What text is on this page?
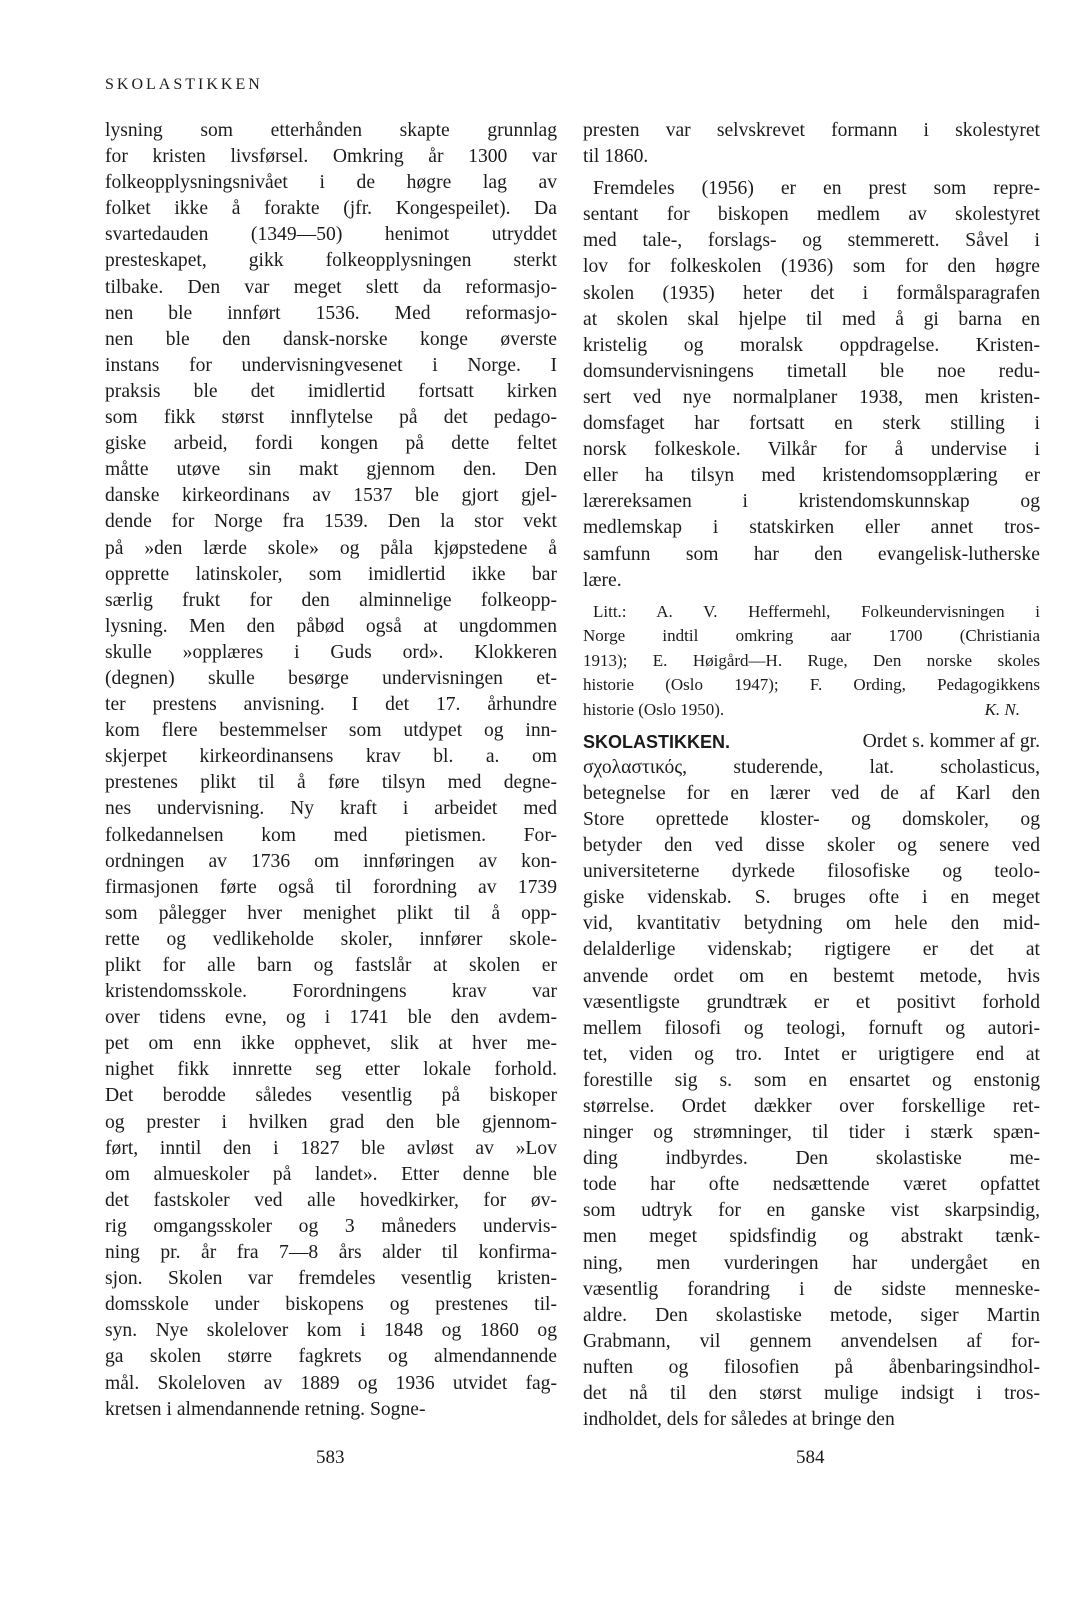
SKOLASTIKKEN
lysning som etterhånden skapte grunnlag
for kristen livsførsel. Omkring år 1300 var
folkeopplysningsnivået i de høgre lag av
folket ikke å forakte (jfr. Kongespeilet). Da
svartedauden (1349—50) henimot utryddet
presteskapet, gikk folkeopplysningen sterkt
tilbake. Den var meget slett da reformasjo-
nen ble innført 1536. Med reformasjo-
nen ble den dansk-norske konge øverste
instans for undervisningvesenet i Norge. I
praksis ble det imidlertid fortsatt kirken
som fikk størst innflytelse på det pedago-
giske arbeid, fordi kongen på dette feltet
måtte utøve sin makt gjennom den. Den
danske kirkeordinans av 1537 ble gjort gjel-
dende for Norge fra 1539. Den la stor vekt
på »den lærde skole» og påla kjøpstedene å
opprette latinskoler, som imidlertid ikke bar
særlig frukt for den alminnelige folkeopp-
lysning. Men den påbød også at ungdommen
skulle »opplæres i Guds ord». Klokkeren
(degnen) skulle besørge undervisningen et-
ter prestens anvisning. I det 17. århundre
kom flere bestemmelser som utdypet og inn-
skjerpet kirkeordinansens krav bl. a. om
prestenes plikt til å føre tilsyn med degne-
nes undervisning. Ny kraft i arbeidet med
folkedannelsen kom med pietismen. For-
ordningen av 1736 om innføringen av kon-
firmasjonen førte også til forordning av 1739
som pålegger hver menighet plikt til å opp-
rette og vedlikeholde skoler, innfører skole-
plikt for alle barn og fastslår at skolen er
kristendomsskole. Forordningens krav var
over tidens evne, og i 1741 ble den avdem-
pet om enn ikke opphevet, slik at hver me-
nighet fikk innrette seg etter lokale forhold.
Det berodde således vesentlig på biskoper
og prester i hvilken grad den ble gjennom-
ført, inntil den i 1827 ble avløst av »Lov
om almueskoler på landet». Etter denne ble
det fastskoler ved alle hovedkirker, for øv-
rig omgangsskoler og 3 måneders undervis-
ning pr. år fra 7—8 års alder til konfirma-
sjon. Skolen var fremdeles vesentlig kristen-
domsskole under biskopens og prestenes til-
syn. Nye skolelover kom i 1848 og 1860 og
ga skolen større fagkrets og almendannende
mål. Skoleloven av 1889 og 1936 utvidet fag-
kretsen i almendannende retning. Sogne-
presten var selvskrevet formann i skolestyret
til 1860.
Fremdeles (1956) er en prest som repre-
sentant for biskopen medlem av skolestyret
med tale-, forslags- og stemmerett. Såvel i
lov for folkeskolen (1936) som for den høgre
skolen (1935) heter det i formålsparagrafen
at skolen skal hjelpe til med å gi barna en
kristelig og moralsk oppdragelse. Kristen-
domsundervisningens timetall ble noe redu-
sert ved nye normalplaner 1938, men kristen-
domsfaget har fortsatt en sterk stilling i
norsk folkeskole. Vilkår for å undervise i
eller ha tilsyn med kristendomsopplæring er
lærereksamen i kristendomskunnskap og
medlemskap i statskirken eller annet tros-
samfunn som har den evangelisk-lutherske
lære.
Litt.: A. V. Heffermehl, Folkeundervisningen i
Norge indtil omkring aar 1700 (Christiania
1913); E. Høigård—H. Ruge, Den norske skoles
historie (Oslo 1947); F. Ording, Pedagogikkens
historie (Oslo 1950).	K. N.
SKOLASTIKKEN.	Ordet s. kommer af gr.
σχολαστικός, studerende, lat. scholasticus,
betegnelse for en lærer ved de af Karl den
Store oprettede kloster- og domskoler, og
betyder den ved disse skoler og senere ved
universiteterne dyrkede filosofiske og teolo-
giske videnskab. S. bruges ofte i en meget
vid, kvantitativ betydning om hele den mid-
delalderlige videnskab; rigtigere er det at
anvende ordet om en bestemt metode, hvis
væsentligste grundtræk er et positivt forhold
mellem filosofi og teologi, fornuft og autori-
tet, viden og tro. Intet er urigtigere end at
forestille sig s. som en ensartet og enstonig
størrelse. Ordet dækker over forskellige ret-
ninger og strømninger, til tider i stærk spæn-
ding indbyrdes. Den skolastiske me-
tode har ofte nedsættende været opfattet
som udtryk for en ganske vist skarpsindig,
men meget spidsfindig og abstrakt tænk-
ning, men vurderingen har undergået en
væsentlig forandring i de sidste menneske-
aldre. Den skolastiske metode, siger Martin
Grabmann, vil gennem anvendelsen af for-
nuften og filosofien på åbenbaringsindhol-
det nå til den størst mulige indsigt i tros-
indholdet, dels for således at bringe den
583	584
